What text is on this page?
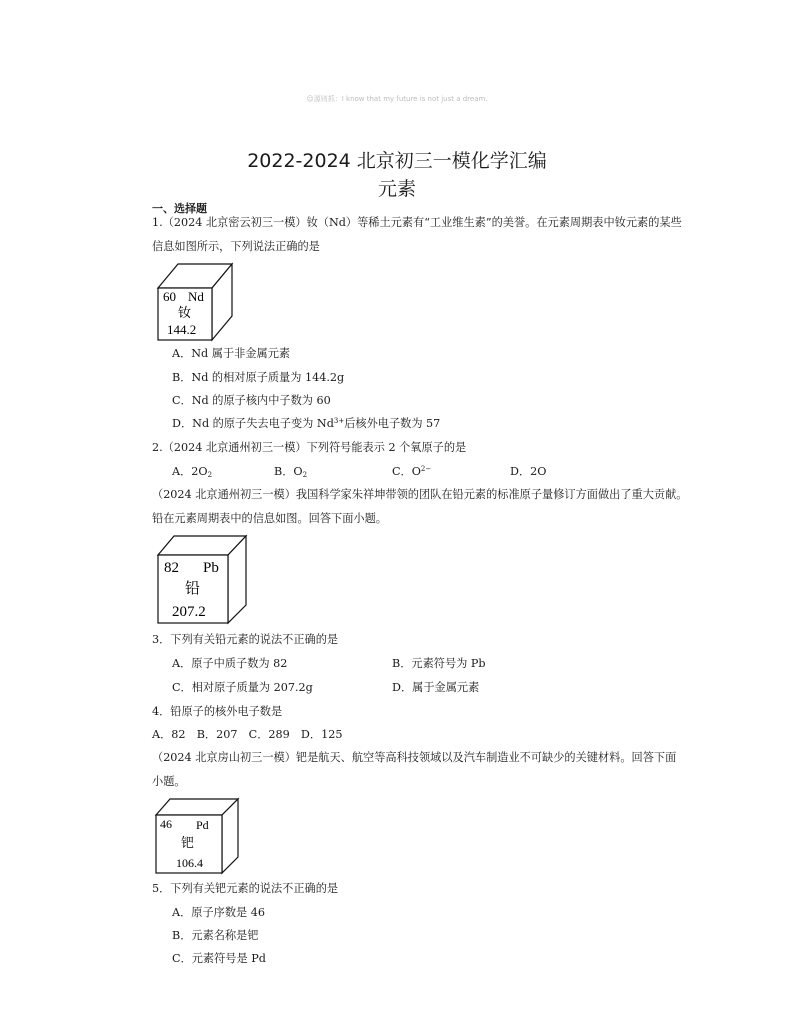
☺源则抓：I know that my future is not just a dream.
2022-2024 北京初三一模化学汇编
元素
一、选择题
1.（2024 北京密云初三一模）钕（Nd）等稀土元素有“工业维生素”的美誉。在元素周期表中钕元素的某些
信息如图所示，下列说法正确的是
60 Nd
钕
144.2
A．Nd 属于非金属元素
B．Nd 的相对原子质量为 144.2g
C．Nd 的原子核内中子数为 60
D．Nd 的原子失去电子变为 $Nd^{3+}$后核外电子数为 57
2.（2024 北京通州初三一模）下列符号能表示 2 个氧原子的是
A．$2O_2$	B．$O_2$	C．$O^{2-}$	D．2O
（2024 北京通州初三一模）我国科学家朱祥坤带领的团队在铅元素的标准原子量修订方面做出了重大贡献。
铅在元素周期表中的信息如图。回答下面小题。
82 Pb
铅
207.2
3．下列有关铅元素的说法不正确的是
A．原子中质子数为 82	B．元素符号为 Pb
C．相对原子质量为 207.2g	D．属于金属元素
4．铅原子的核外电子数是
A．82　B．207　C．289　D．125
（2024 北京房山初三一模）钯是航天、航空等高科技领域以及汽车制造业不可缺少的关键材料。回答下面
小题。
46 Pd
钯
106.4
5．下列有关钯元素的说法不正确的是
A．原子序数是 46
B．元素名称是钯
C．元素符号是 Pd
